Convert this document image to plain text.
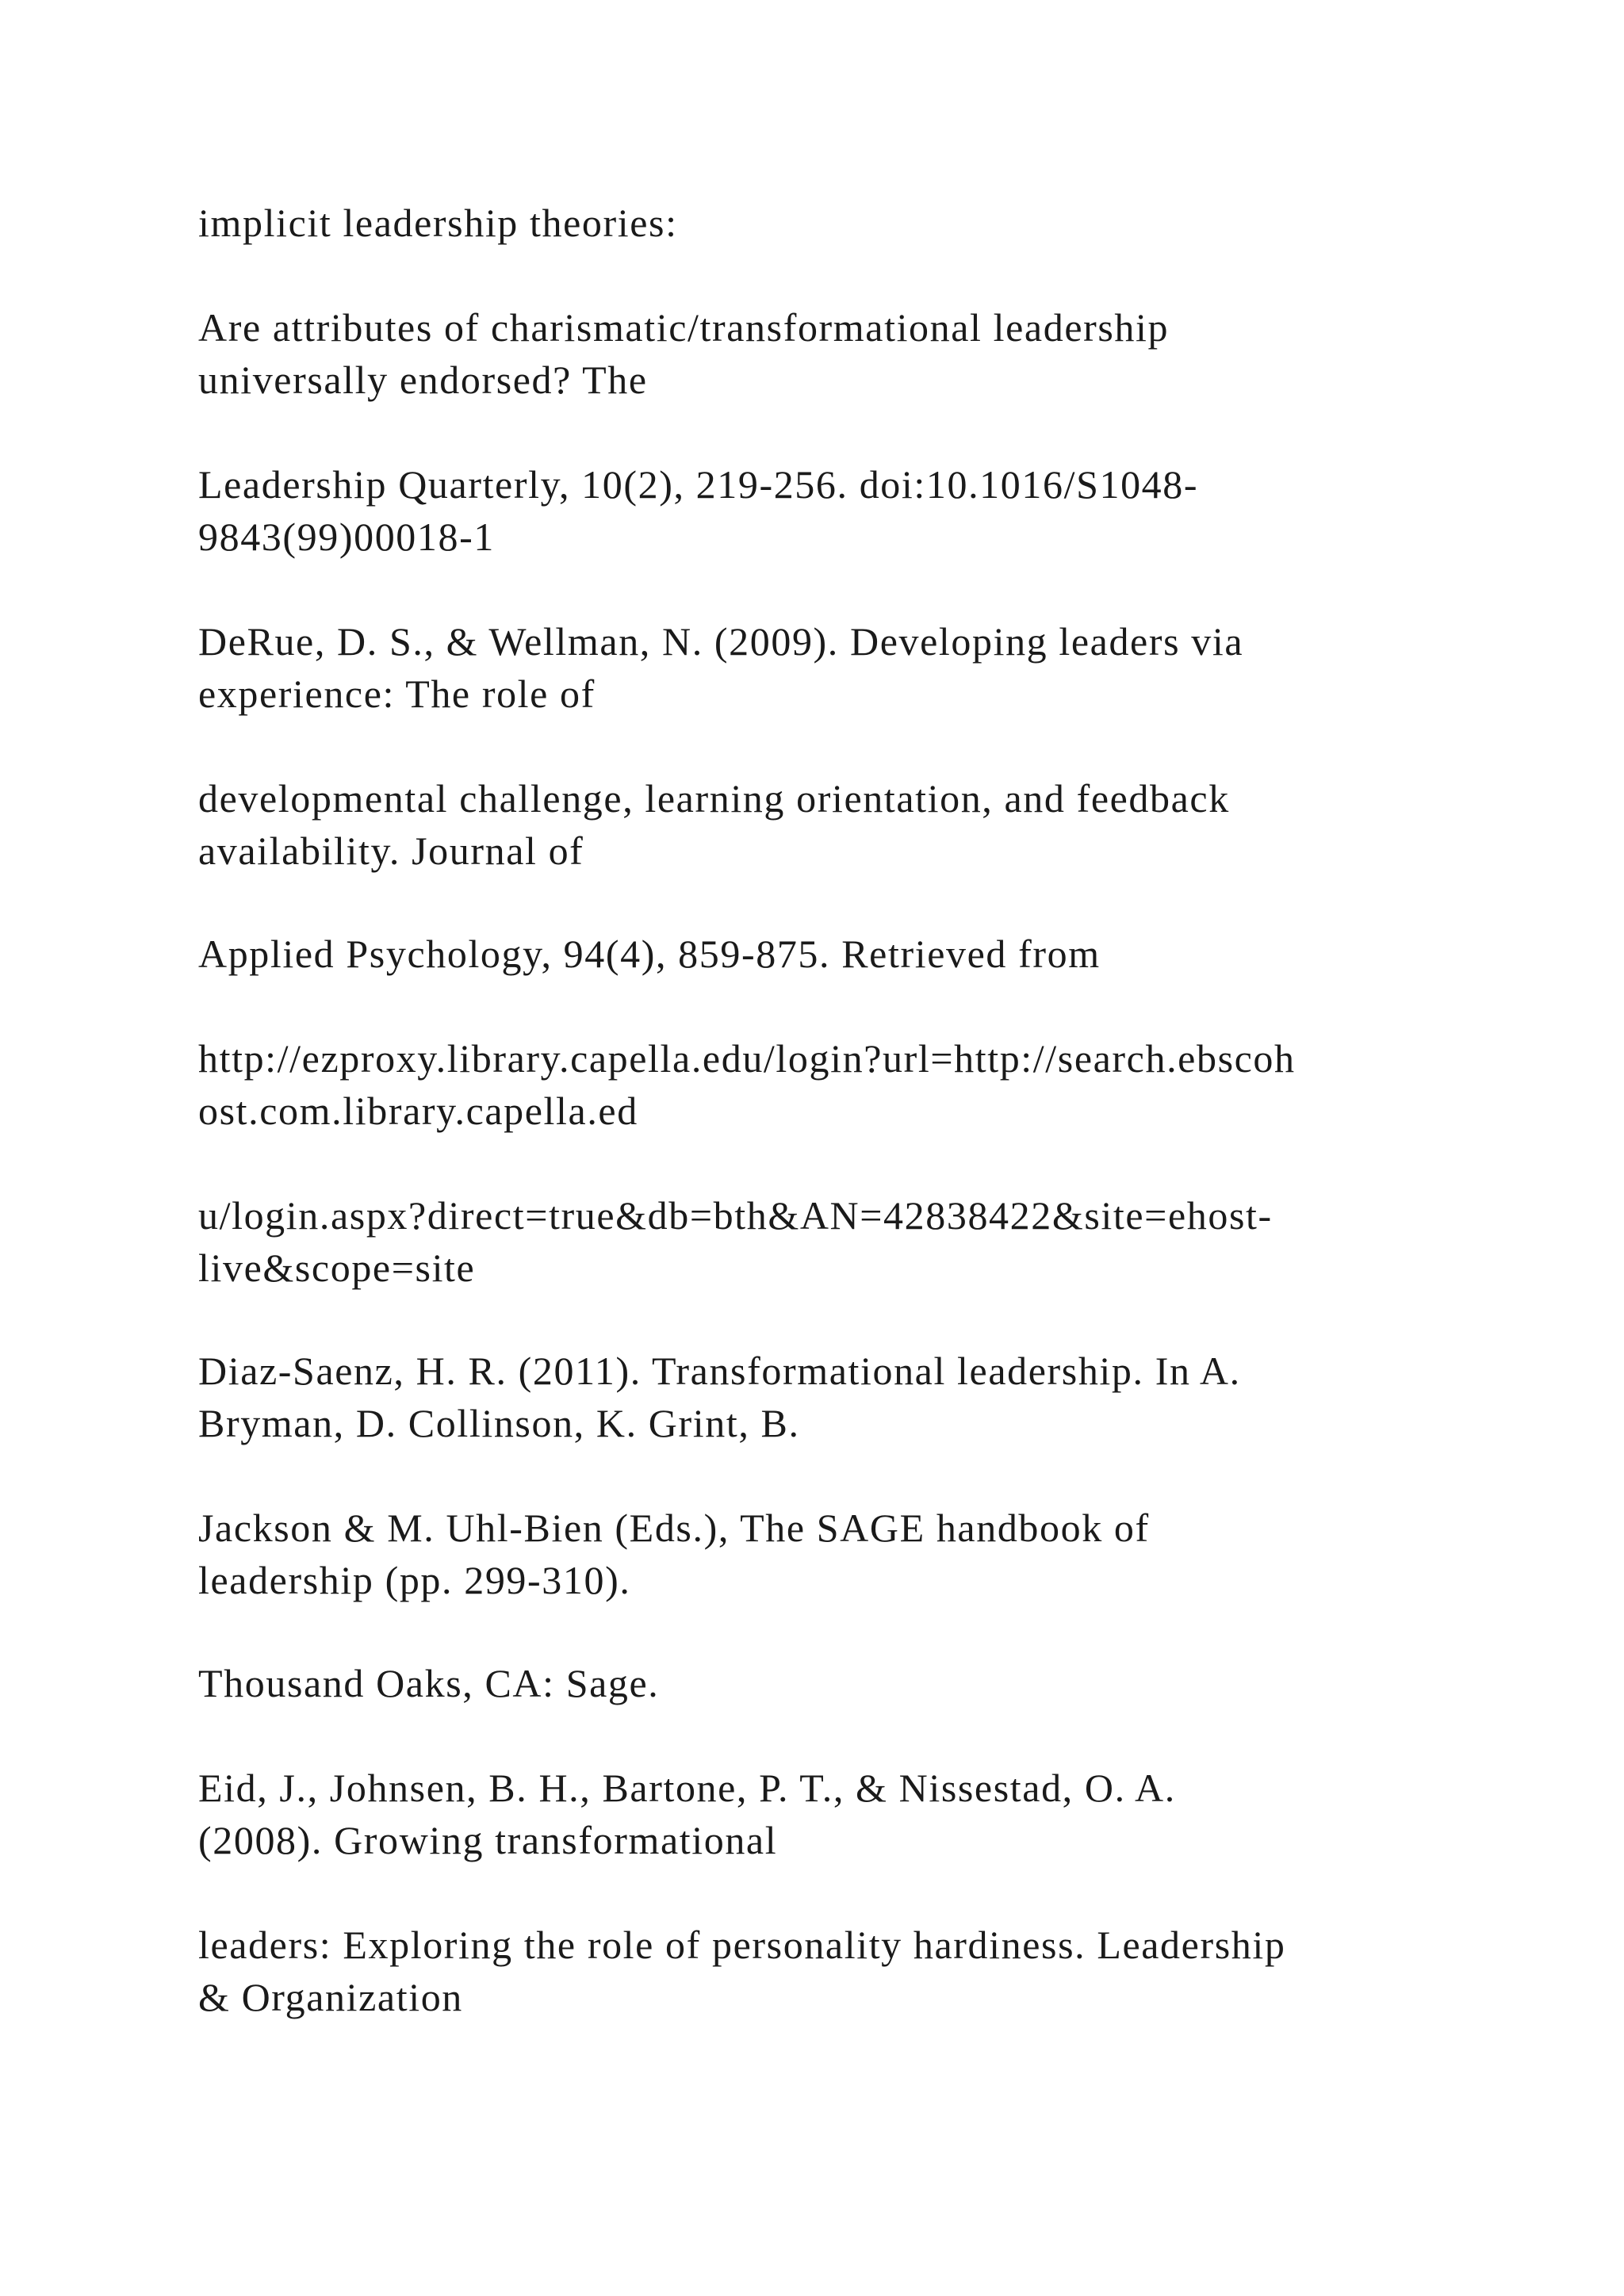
implicit leadership theories:

Are attributes of charismatic/transformational leadership
universally endorsed? The

Leadership Quarterly, 10(2), 219-256. doi:10.1016/S1048-
9843(99)00018-1

DeRue, D. S., & Wellman, N. (2009). Developing leaders via
experience: The role of

developmental challenge, learning orientation, and feedback
availability. Journal of

Applied Psychology, 94(4), 859-875. Retrieved from

http://ezproxy.library.capella.edu/login?url=http://search.ebscoh
ost.com.library.capella.ed

u/login.aspx?direct=true&db=bth&AN=42838422&site=ehost-
live&scope=site

Diaz-Saenz, H. R. (2011). Transformational leadership. In A.
Bryman, D. Collinson, K. Grint, B.

Jackson & M. Uhl-Bien (Eds.), The SAGE handbook of
leadership (pp. 299-310).

Thousand Oaks, CA: Sage.

Eid, J., Johnsen, B. H., Bartone, P. T., & Nissestad, O. A.
(2008). Growing transformational

leaders: Exploring the role of personality hardiness. Leadership
& Organization
